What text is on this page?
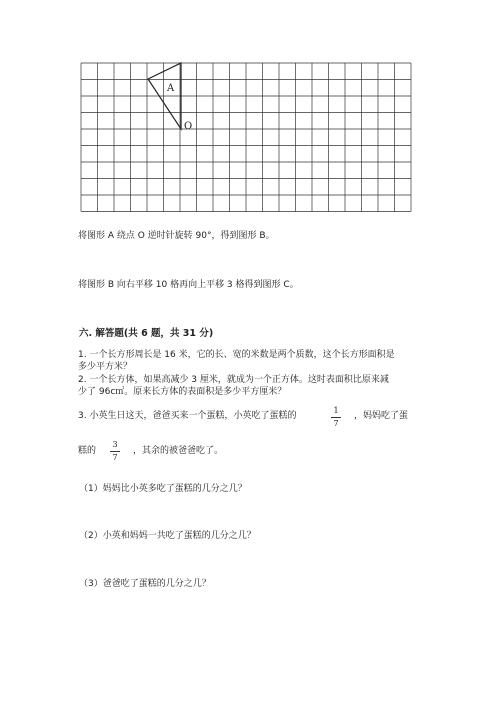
A
O
将图形 A 绕点 O 逆时针旋转 90°，得到图形 B。
将图形 B 向右平移 10 格再向上平移 3 格得到图形 C。
六. 解答题(共 6 题，共 31 分)
1. 一个长方形周长是 16 米，它的长、宽的米数是两个质数，这个长方形面积是
多少平方米？
2. 一个长方体，如果高减少 3 厘米，就成为一个正方体。这时表面积比原来减
少了 96c㎡。原来长方体的表面积是多少平方厘米？
3. 小英生日这天，爸爸买来一个蛋糕，小英吃了蛋糕的
1
7
，妈妈吃了蛋
糕的
3
7
，其余的被爸爸吃了。
（1）妈妈比小英多吃了蛋糕的几分之几？
（2）小英和妈妈一共吃了蛋糕的几分之几？
（3）爸爸吃了蛋糕的几分之几？
